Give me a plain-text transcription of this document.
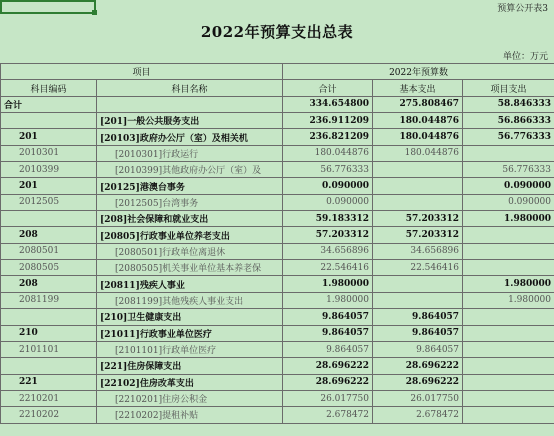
预算公开表3
2022年预算支出总表
单位：万元
项目		2022年预算数		
科目编码	科目名称	合计	基本支出	项目支出
合计		334.654800	275.808467	58.846333
	[201]一般公共服务支出	236.911209	180.044876	56.866333
201	[20103]政府办公厅（室）及相关机	236.821209	180.044876	56.776333
2010301	[2010301]行政运行	180.044876	180.044876	
2010399	[2010399]其他政府办公厅（室）及	56.776333		56.776333
201	[20125]港澳台事务	0.090000		0.090000
2012505	[2012505]台湾事务	0.090000		0.090000
	[208]社会保障和就业支出	59.183312	57.203312	1.980000
208	[20805]行政事业单位养老支出	57.203312	57.203312	
2080501	[2080501]行政单位离退休	34.656896	34.656896	
2080505	[2080505]机关事业单位基本养老保	22.546416	22.546416	
208	[20811]残疾人事业	1.980000		1.980000
2081199	[2081199]其他残疾人事业支出	1.980000		1.980000
	[210]卫生健康支出	9.864057	9.864057	
210	[21011]行政事业单位医疗	9.864057	9.864057	
2101101	[2101101]行政单位医疗	9.864057	9.864057	
	[221]住房保障支出	28.696222	28.696222	
221	[22102]住房改革支出	28.696222	28.696222	
2210201	[2210201]住房公积金	26.017750	26.017750	
2210202	[2210202]提租补贴	2.678472	2.678472	
